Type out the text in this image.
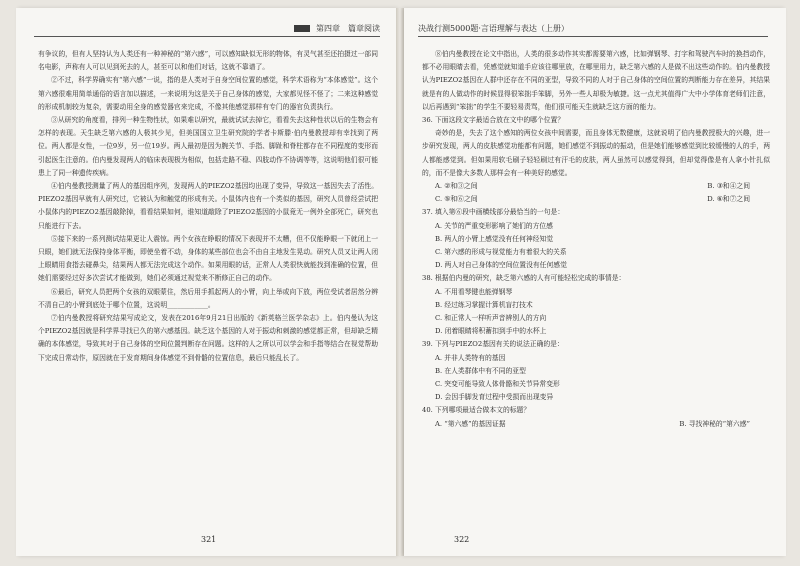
第四章　篇章阅读

有争议的，但有人坚持认为人类还有一种神秘的“第六感”，可以感知缺似无形的物体，有灵气甚至还拍摄过一部同名电影，声称有人可以见到死去的人，甚至可以和他们对话，这就不靠谱了。

②不过，科学界确实有“第六感”一说，指的是人类对于自身空间位置的感觉，科学术语称为“本体感觉”。这个第六感很难用简单通俗的语言加以描述，一来说明为这是关于自己身体的感觉，大家都见怪不怪了；二来这种感觉的形成机制较为复杂，需要动用全身的感觉器官来完成，不像其他感觉那样有专门的器官负责执行。

③从研究的角度看，排列一种生物性状，如果难以研究，最就试试去掉它，看看失去这种性状以后的生物会有怎样的表现。天生缺乏第六感的人极其少见，但美国国立卫生研究院的学者卡斯滕·伯内曼教授却有幸找到了两位。两人都是女性，一位9岁，另一位19岁。两人最初是因为腕关节、手指、脚趾和脊柱都存在不同程度的变形而引起医生注意的。伯内曼发现两人的临床表现极为相似，包括走路不稳、四肢动作不协调等等，这说明他们很可能患上了同一种遗传疾病。

④伯内曼教授测量了两人的基因组序列，发现两人的PIEZO2基因均出现了变异，导致这一基因失去了活性。PIEZO2基因早就有人研究过，它被认为和触觉的形成有关。小鼠体内也有一个类似的基因，研究人员曾经尝试把小鼠体内的PIEZO2基因敲除掉，看看结果如何，谁知道敲除了PIEZO2基因的小鼠竟无一例外全部死亡，研究也只能进行下去。

⑤接下来的一系列测试结果更让人震惊。两个女孩在睁眼的情况下表现并不太糟，但不仅能睁眼一下就闭上一只眼，她们就无法保持身体平衡，即使坐着不动，身体的某些部位也会不由自主地发生晃动。研究人员又让两人闭上眼睛用食指去碰鼻尖，结果两人都无法完成这个动作。如果用眼的话，正常人人类很快就能找到准确的位置，但她们需要经过好多次尝试才能做到，她们必须通过视觉来不断修正自己的动作。

⑥最后，研究人员把两个女孩的双眼蒙住，然后用手抓起两人的小臂，向上举或向下放，两位受试者居然分辨不清自己的小臂到底处于哪个位置，这说明____________。

⑦伯内曼教授将研究结果写成论文，发表在2016年9月21日出版的《新英格兰医学杂志》上。伯内曼认为这个PIEZO2基因就是科学界寻找已久的第六感基因。缺乏这个基因的人对于振动和刺激的感觉都正常，但却缺乏精确的本体感觉，导致其对于自己身体的空间位置判断存在问题。这样的人之所以可以学会和手指等结合在视觉帮助下完成日常动作，原因就在于发育期间身体感觉不到骨骼的位置信息，最后只能乱长了。

321
决战行测5000题·言语理解与表达（上册）

⑧伯内曼教授在论文中指出，人类的很多动作其实都需要第六感，比如弹钢琴、打字和驾驶汽车时的换挡动作，都不必用眼睛去看，凭感觉就知道手应该往哪里放，在哪里用力，缺乏第六感的人是做不出这些动作的。伯内曼教授认为PIEZO2基因在人群中还存在不同的亚型，导致不同的人对于自己身体的空间位置的判断能力存在差异，其结果就是有的人做动作的时候显得很笨拙手笨脚，另外一些人却极为敏捷。这一点尤其值得广大中小学体育老师们注意，以后再遇到“笨拙”的学生不要轻易责骂，他们很可能天生就缺乏这方面的能力。

36. 下面这段文字最适合放在文中的哪个位置？

奇妙的是，失去了这个感知的两位女孩中间需要，而且身体无数健康，这就说明了伯内曼教授极大的兴趣，进一步研究发现，两人的皮肤感觉功能都有问题，她们感觉不到振动的振动，但是她们能够感觉到比较缓慢的人的手，两人都能感觉到。但如果用软毛刷子轻轻刷过有汗毛的皮肤，两人虽然可以感觉得到，但却觉得像是有人拿小针扎似的，而不是像大多数人那样会有一种美好的感觉。

A. ②和③之间	B. ③和④之间
C. ⑤和⑥之间	D. ⑥和⑦之间

37. 填入第⑥段中画横线部分最恰当的一句是：

A. 关节的严重变形影响了她们的方位感

B. 两人的小臂上感觉没有任何神经知觉

C. 第六感的形成与视觉能力有着很大的关系

D. 两人对自己身体的空间位置没有任何感觉

38. 根据伯内曼的研究，缺乏第六感的人有可能轻松完成的事情是：

A. 不用看琴键也能弹钢琴

B. 经过练习掌握计算机盲打技术

C. 和正常人一样听声音辨别人的方向

D. 闭着眼睛将积蓄扣到手中的水杯上

39. 下列与PIEZO2基因有关的说法正确的是：

A. 并非人类特有的基因

B. 在人类群体中有不同的亚型

C. 突变可能导致人体骨骼和关节异常变形

D. 会因手脚发育过程中受损而出现变异

40. 下列哪项最适合做本文的标题？

A. “第六感”的基因证据	B. 寻找神秘的“第六感”
322
